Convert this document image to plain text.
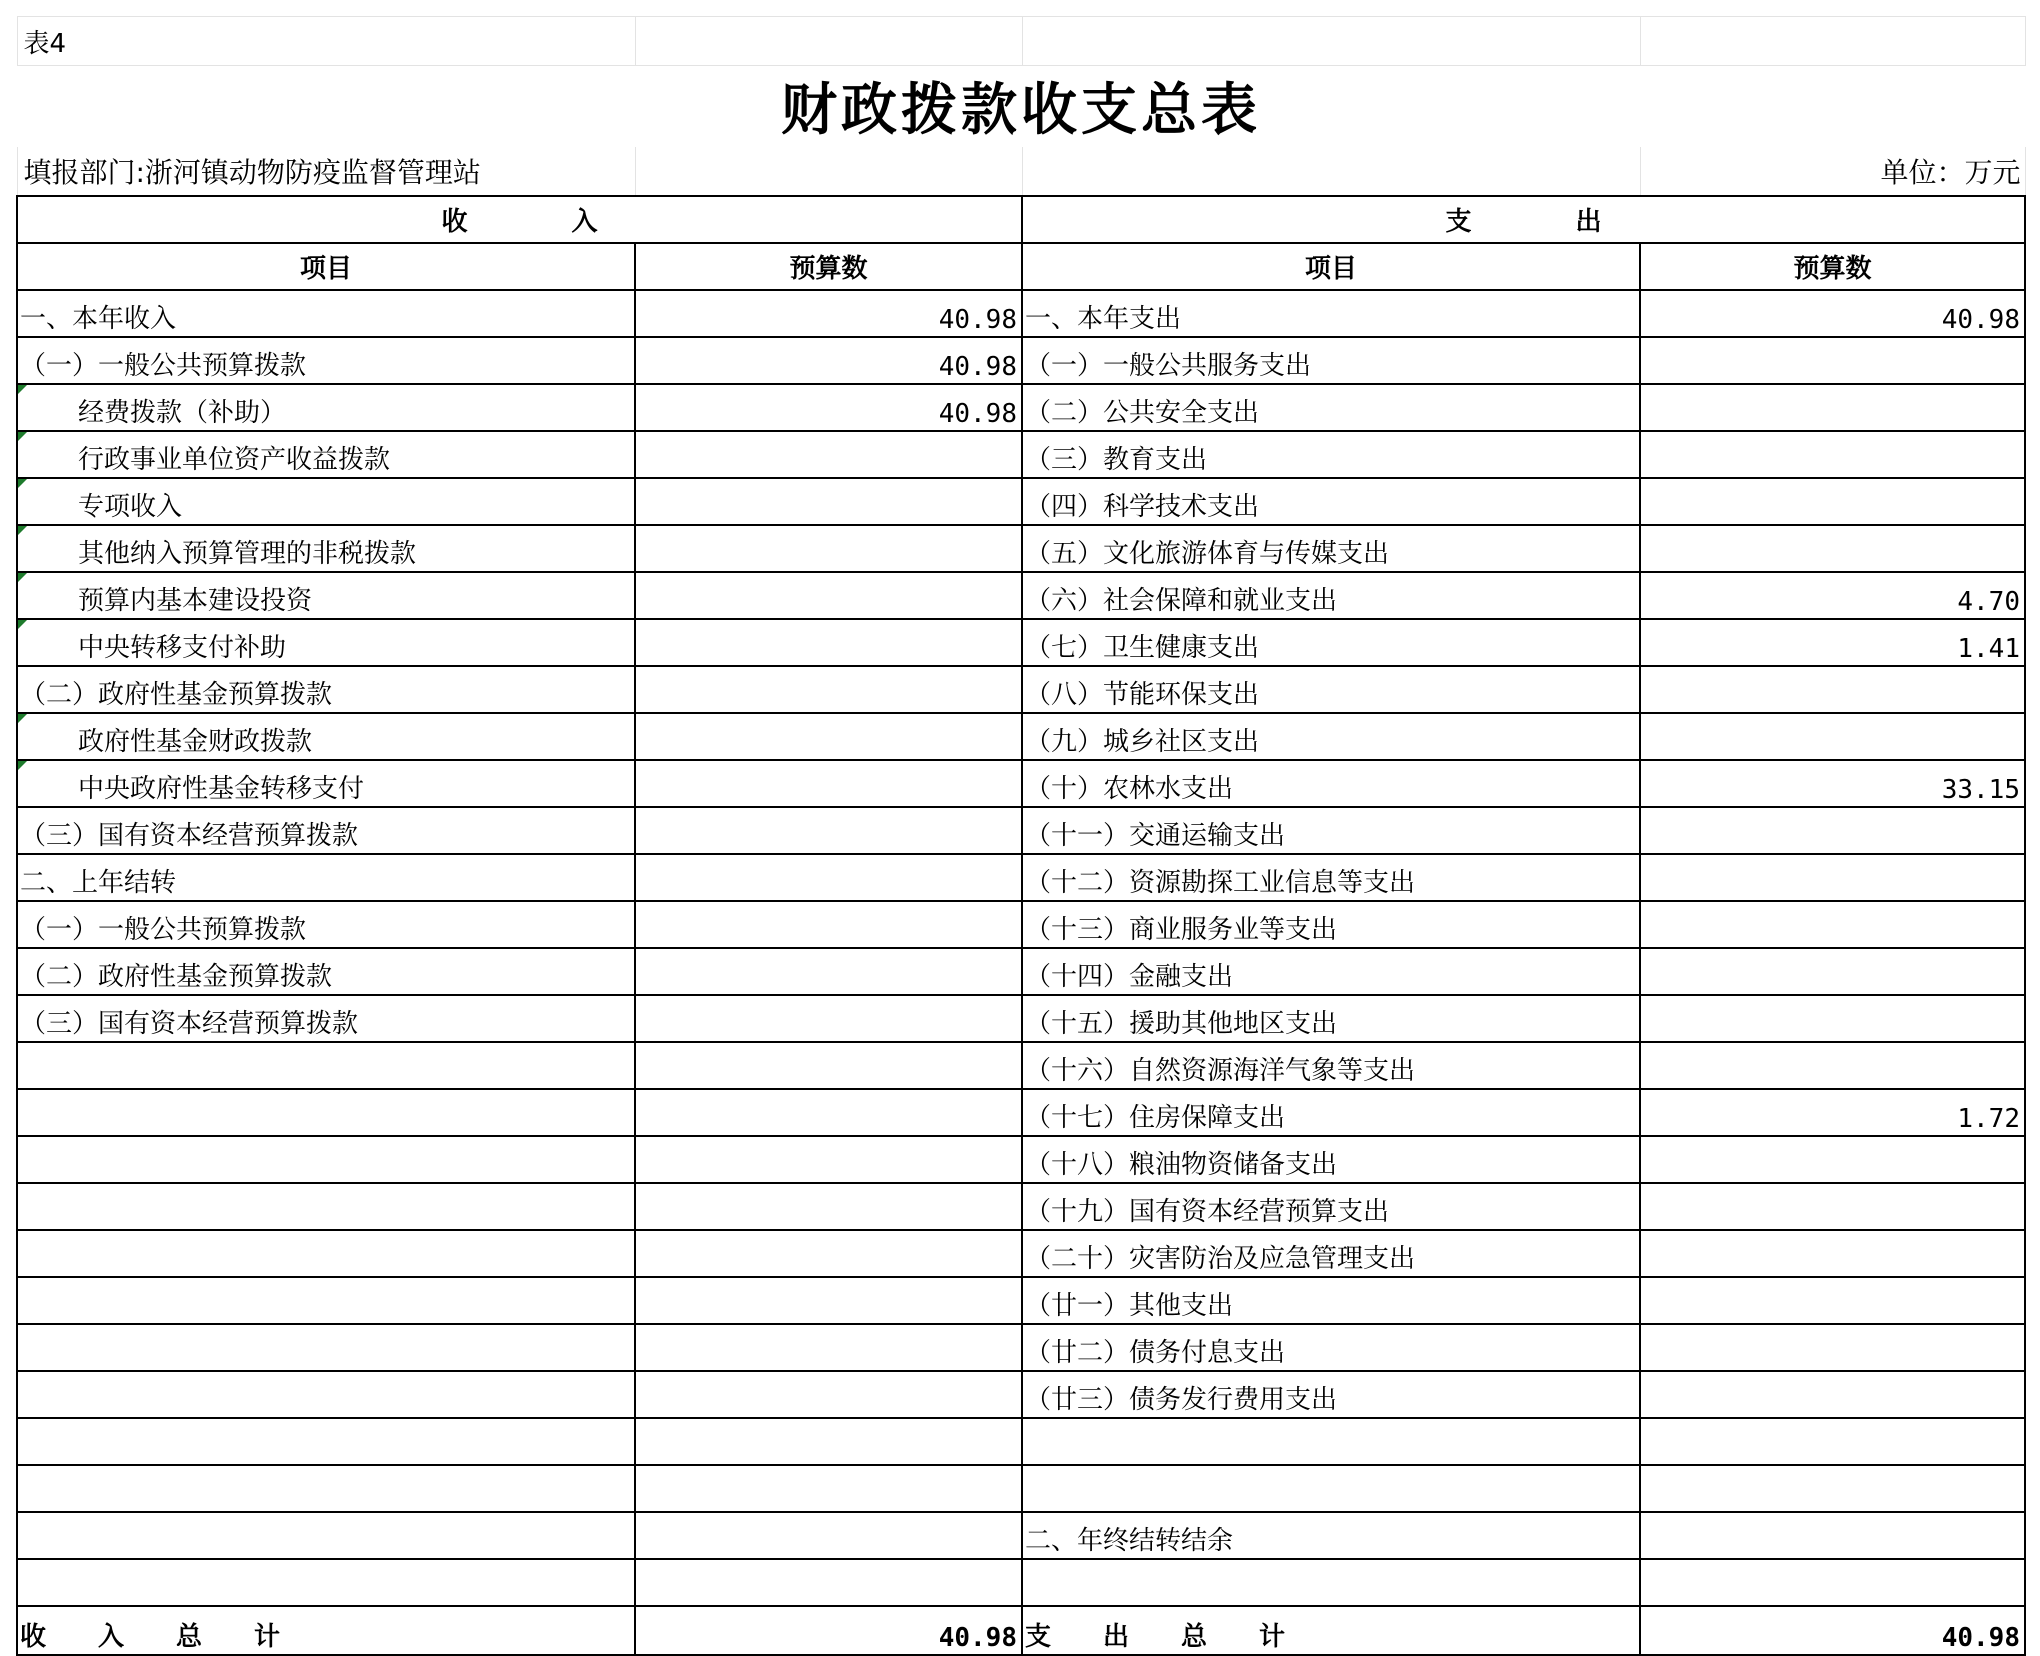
表4			
财政拨款收支总表			
填报部门:浙河镇动物防疫监督管理站			单位：万元
收　　　　入		支　　　　出	
项目	预算数	项目	预算数
一、本年收入	40.98	一、本年支出	40.98
（一）一般公共预算拨款	40.98	（一）一般公共服务支出	
经费拨款（补助）	40.98	（二）公共安全支出	
行政事业单位资产收益拨款		（三）教育支出	
专项收入		（四）科学技术支出	
其他纳入预算管理的非税拨款		（五）文化旅游体育与传媒支出	
预算内基本建设投资		（六）社会保障和就业支出	4.70
中央转移支付补助		（七）卫生健康支出	1.41
（二）政府性基金预算拨款		（八）节能环保支出	
政府性基金财政拨款		（九）城乡社区支出	
中央政府性基金转移支付		（十）农林水支出	33.15
（三）国有资本经营预算拨款		（十一）交通运输支出	
二、上年结转		（十二）资源勘探工业信息等支出	
（一）一般公共预算拨款		（十三）商业服务业等支出	
（二）政府性基金预算拨款		（十四）金融支出	
（三）国有资本经营预算拨款		（十五）援助其他地区支出	
		（十六）自然资源海洋气象等支出	
		（十七）住房保障支出	1.72
		（十八）粮油物资储备支出	
		（十九）国有资本经营预算支出	
		（二十）灾害防治及应急管理支出	
		（廿一）其他支出	
		（廿二）债务付息支出	
		（廿三）债务发行费用支出	

		二、年终结转结余	

收　　入　　总　　计	40.98	支　　出　　总　　计	40.98
